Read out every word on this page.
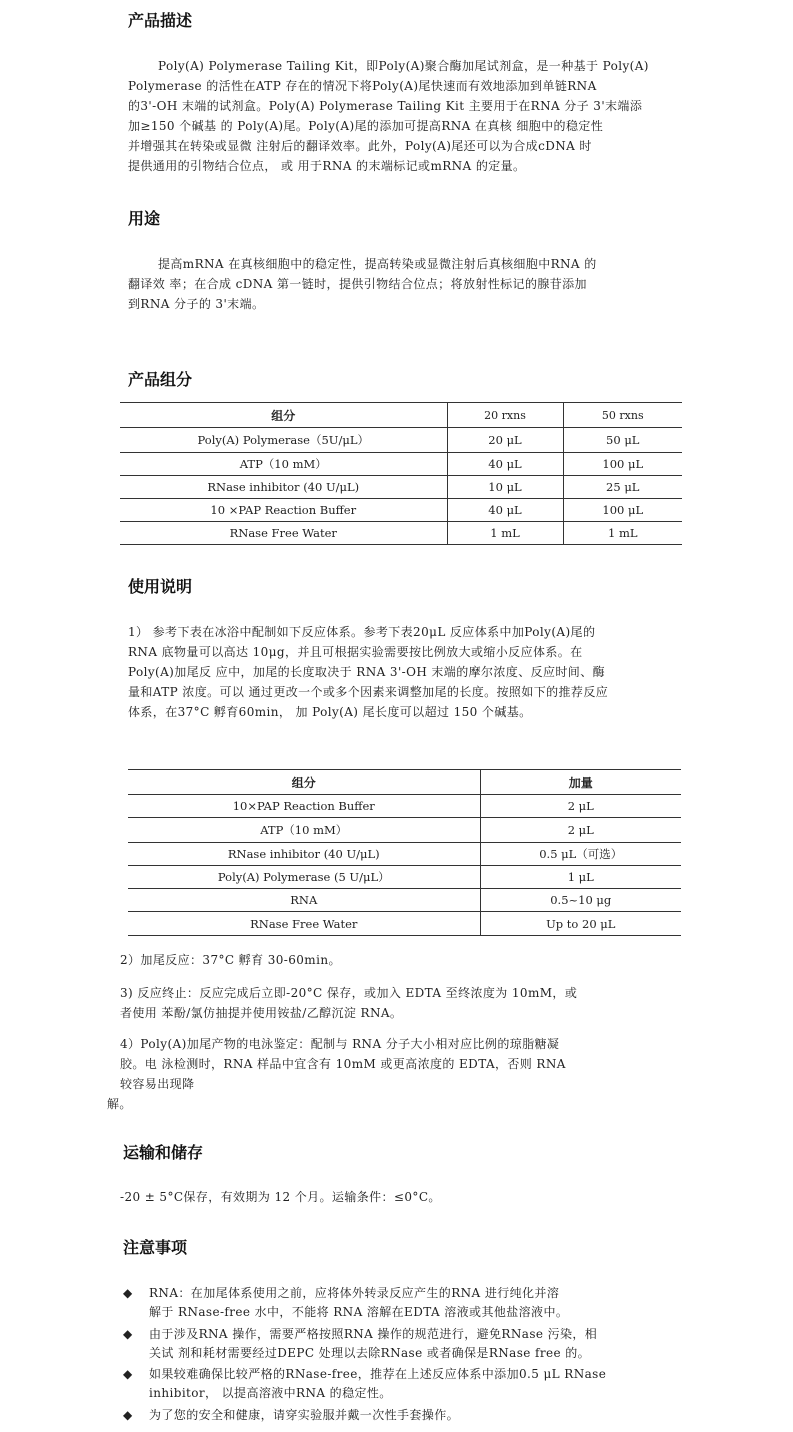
产品描述
Poly(A) Polymerase Tailing Kit，即Poly(A)聚合酶加尾试剂盒，是一种基于 Poly(A)
Polymerase 的活性在ATP 存在的情况下将Poly(A)尾快速而有效地添加到单链RNA
的3'-OH 末端的试剂盒。Poly(A) Polymerase Tailing Kit 主要用于在RNA 分子 3'末端添
加≥150 个碱基 的 Poly(A)尾。Poly(A)尾的添加可提高RNA 在真核 细胞中的稳定性
并增强其在转染或显微 注射后的翻译效率。此外，Poly(A)尾还可以为合成cDNA 时
提供通用的引物结合位点， 或 用于RNA 的末端标记或mRNA 的定量。
用途
提高mRNA 在真核细胞中的稳定性，提高转染或显微注射后真核细胞中RNA 的
翻译效 率；在合成 cDNA 第一链时，提供引物结合位点；将放射性标记的腺苷添加
到RNA 分子的 3'末端。
产品组分
组分	20 rxns	50 rxns
Poly(A) Polymerase（5U/μL）	20 μL	50 μL
ATP（10 mM）	40 μL	100 μL
RNase inhibitor (40 U/μL)	10 μL	25 μL
10 ×PAP Reaction Buffer	40 μL	100 μL
RNase Free Water	1 mL	1 mL
使用说明
1） 参考下表在冰浴中配制如下反应体系。参考下表20μL 反应体系中加Poly(A)尾的
RNA 底物量可以高达 10μg，并且可根据实验需要按比例放大或缩小反应体系。在
Poly(A)加尾反 应中，加尾的长度取决于 RNA 3'-OH 末端的摩尔浓度、反应时间、酶
量和ATP 浓度。可以 通过更改一个或多个因素来调整加尾的长度。按照如下的推荐反应
体系，在37°C 孵育60min， 加 Poly(A) 尾长度可以超过 150 个碱基。
组分	加量
10×PAP Reaction Buffer	2 μL
ATP（10 mM）	2 μL
RNase inhibitor (40 U/μL)	0.5 μL（可选）
Poly(A) Polymerase (5 U/μL）	1 μL
RNA	0.5~10 μg
RNase Free Water	Up to 20 μL
2）加尾反应：37°C 孵育 30-60min。
3) 反应终止：反应完成后立即-20°C 保存，或加入 EDTA 至终浓度为 10mM，或
者使用 苯酚/氯仿抽提并使用铵盐/乙醇沉淀 RNA。
4）Poly(A)加尾产物的电泳鉴定：配制与 RNA 分子大小相对应比例的琼脂糖凝
胶。电 泳检测时，RNA 样品中宜含有 10mM 或更高浓度的 EDTA，否则 RNA
较容易出现降
解。
运输和储存
-20 ± 5°C保存，有效期为 12 个月。运输条件：≤0°C。
注意事项
◆ RNA：在加尾体系使用之前，应将体外转录反应产生的RNA 进行纯化并溶
解于 RNase-free 水中，不能将 RNA 溶解在EDTA 溶液或其他盐溶液中。
◆ 由于涉及RNA 操作，需要严格按照RNA 操作的规范进行，避免RNase 污染，相
关试 剂和耗材需要经过DEPC 处理以去除RNase 或者确保是RNase free 的。
◆ 如果较难确保比较严格的RNase-free，推荐在上述反应体系中添加0.5 μL RNase
inhibitor， 以提高溶液中RNA 的稳定性。
◆ 为了您的安全和健康，请穿实验服并戴一次性手套操作。
